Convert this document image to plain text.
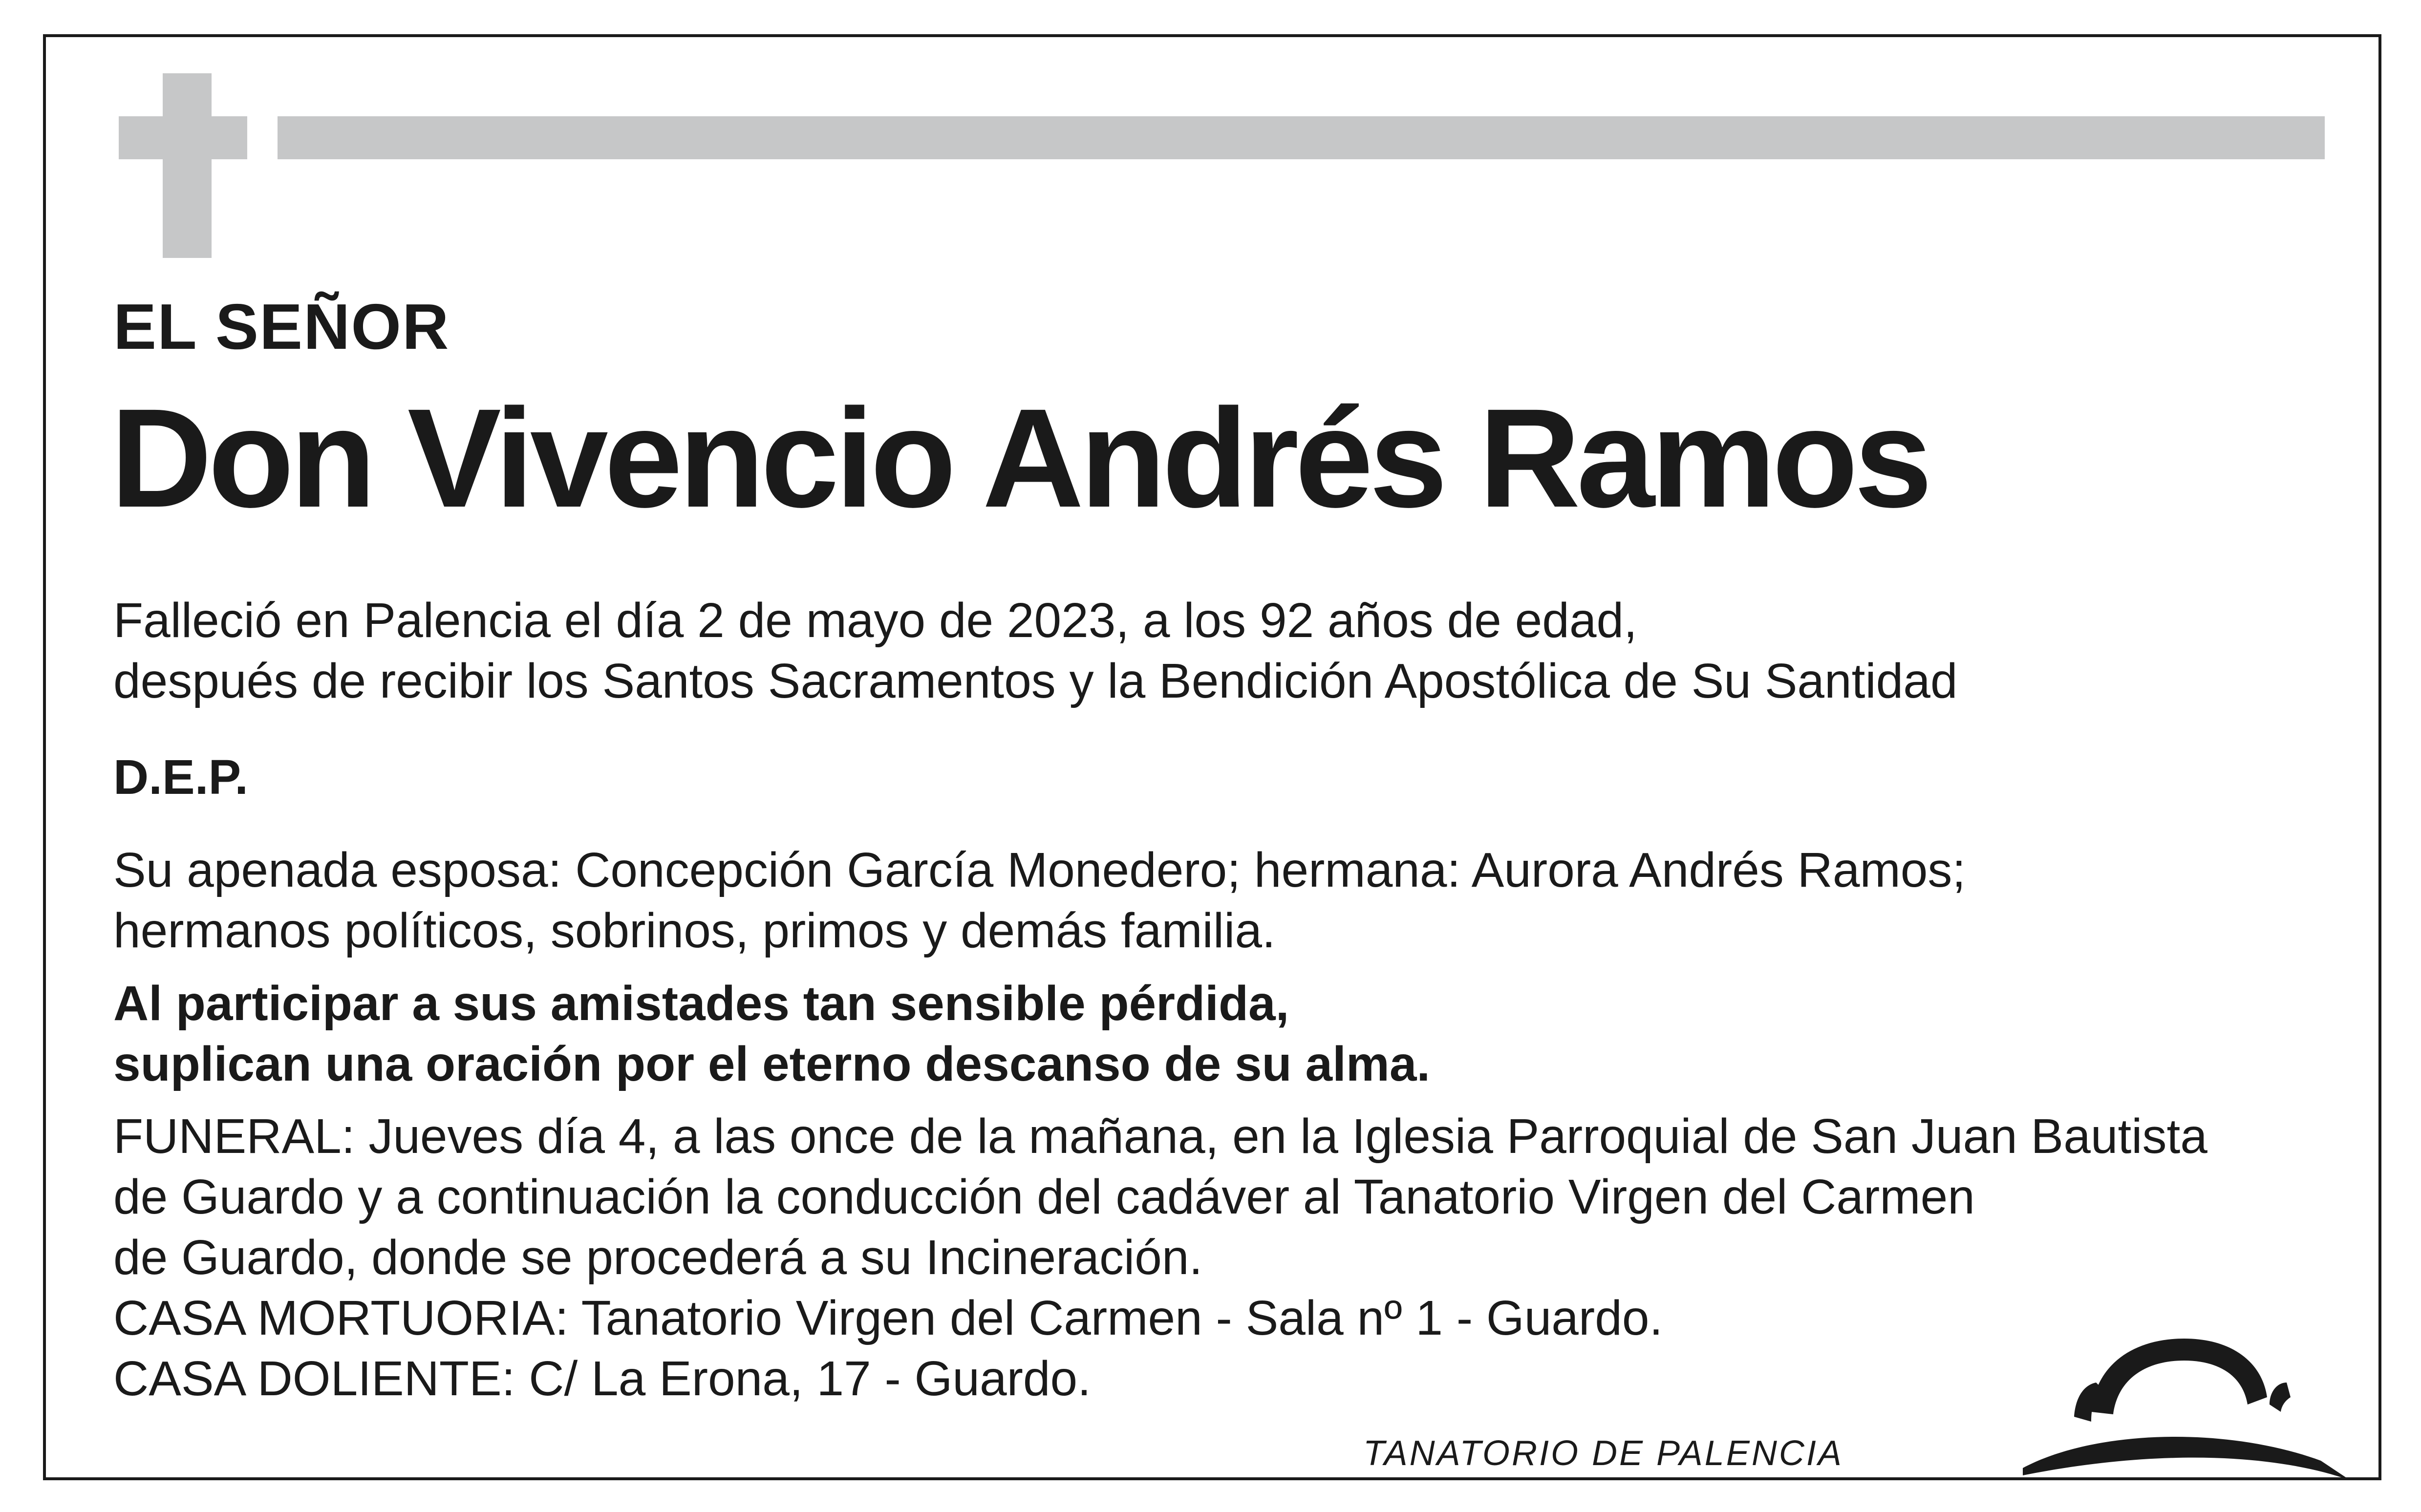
EL SEÑOR
Don Vivencio Andrés Ramos
Falleció en Palencia el día 2 de mayo de 2023, a los 92 años de edad,
después de recibir los Santos Sacramentos y la Bendición Apostólica de Su Santidad
D.E.P.
Su apenada esposa: Concepción García Monedero; hermana: Aurora Andrés Ramos;
hermanos políticos, sobrinos, primos y demás familia.
Al participar a sus amistades tan sensible pérdida,
suplican una oración por el eterno descanso de su alma.
FUNERAL: Jueves día 4, a las once de la mañana, en la Iglesia Parroquial de San Juan Bautista
de Guardo y a continuación la conducción del cadáver al Tanatorio Virgen del Carmen
de Guardo, donde se procederá a su Incineración.
CASA MORTUORIA: Tanatorio Virgen del Carmen - Sala nº 1 - Guardo.
CASA DOLIENTE: C/ La Erona, 17 - Guardo.
TANATORIO DE PALENCIA
